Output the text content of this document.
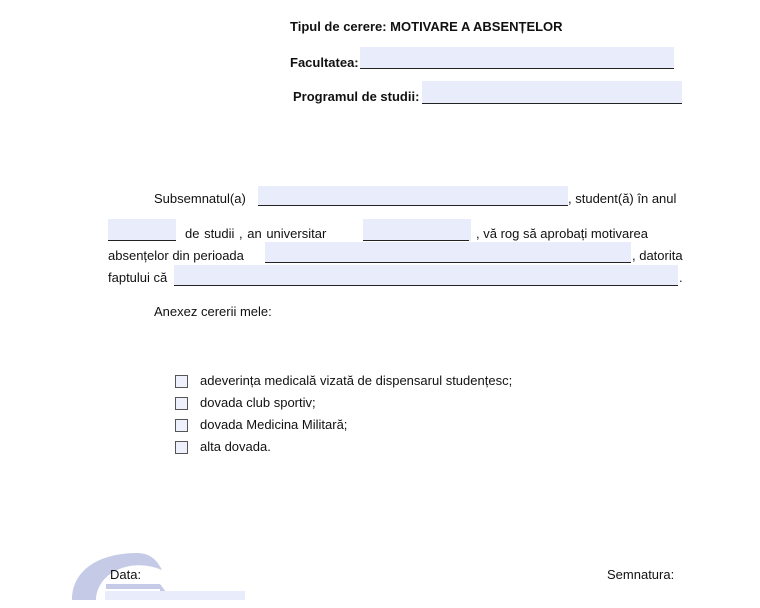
Tipul de cerere: MOTIVARE A ABSENȚELOR
Facultatea:
Programul de studii:
Subsemnatul(a)	, student(ă) în anul
de studii , an universitar	, vă rog să aprobați motivarea
absențelor din perioada	, datorita
faptului că	.
Anexez cererii mele:
adeverința medicală vizată de dispensarul studențesc;
dovada club sportiv;
dovada Medicina Militară;
alta dovada.
Data:	Semnatura:
